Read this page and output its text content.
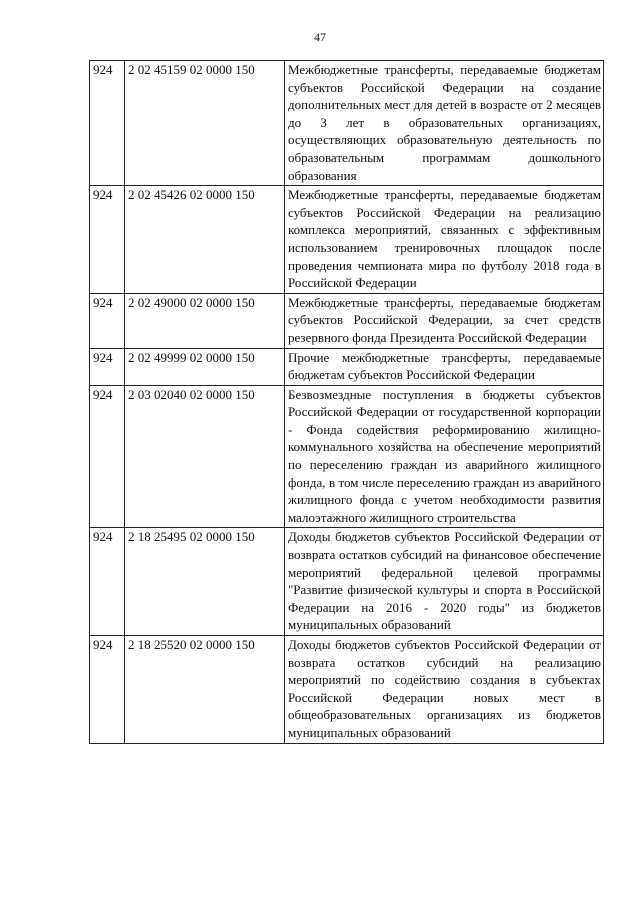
47
924	2 02 45159 02 0000 150	Межбюджетные трансферты, передаваемые бюджетам субъектов Российской Федерации на создание дополнительных мест для детей в возрасте от 2 месяцев до 3 лет в образовательных организациях, осуществляющих образовательную деятельность по образовательным программам дошкольного образования
924	2 02 45426 02 0000 150	Межбюджетные трансферты, передаваемые бюджетам субъектов Российской Федерации на реализацию комплекса мероприятий, связанных с эффективным использованием тренировочных площадок после проведения чемпионата мира по футболу 2018 года в Российской Федерации
924	2 02 49000 02 0000 150	Межбюджетные трансферты, передаваемые бюджетам субъектов Российской Федерации, за счет средств резервного фонда Президента Российской Федерации
924	2 02 49999 02 0000 150	Прочие межбюджетные трансферты, передаваемые бюджетам субъектов Российской Федерации
924	2 03 02040 02 0000 150	Безвозмездные поступления в бюджеты субъектов Российской Федерации от государственной корпорации - Фонда содействия реформированию жилищно-коммунального хозяйства на обеспечение мероприятий по переселению граждан из аварийного жилищного фонда, в том числе переселению граждан из аварийного жилищного фонда с учетом необходимости развития малоэтажного жилищного строительства
924	2 18 25495 02 0000 150	Доходы бюджетов субъектов Российской Федерации от возврата остатков субсидий на финансовое обеспечение мероприятий федеральной целевой программы "Развитие физической культуры и спорта в Российской Федерации на 2016 - 2020 годы" из бюджетов муниципальных образований
924	2 18 25520 02 0000 150	Доходы бюджетов субъектов Российской Федерации от возврата остатков субсидий на реализацию мероприятий по содействию создания в субъектах Российской Федерации новых мест в общеобразовательных организациях из бюджетов муниципальных образований
